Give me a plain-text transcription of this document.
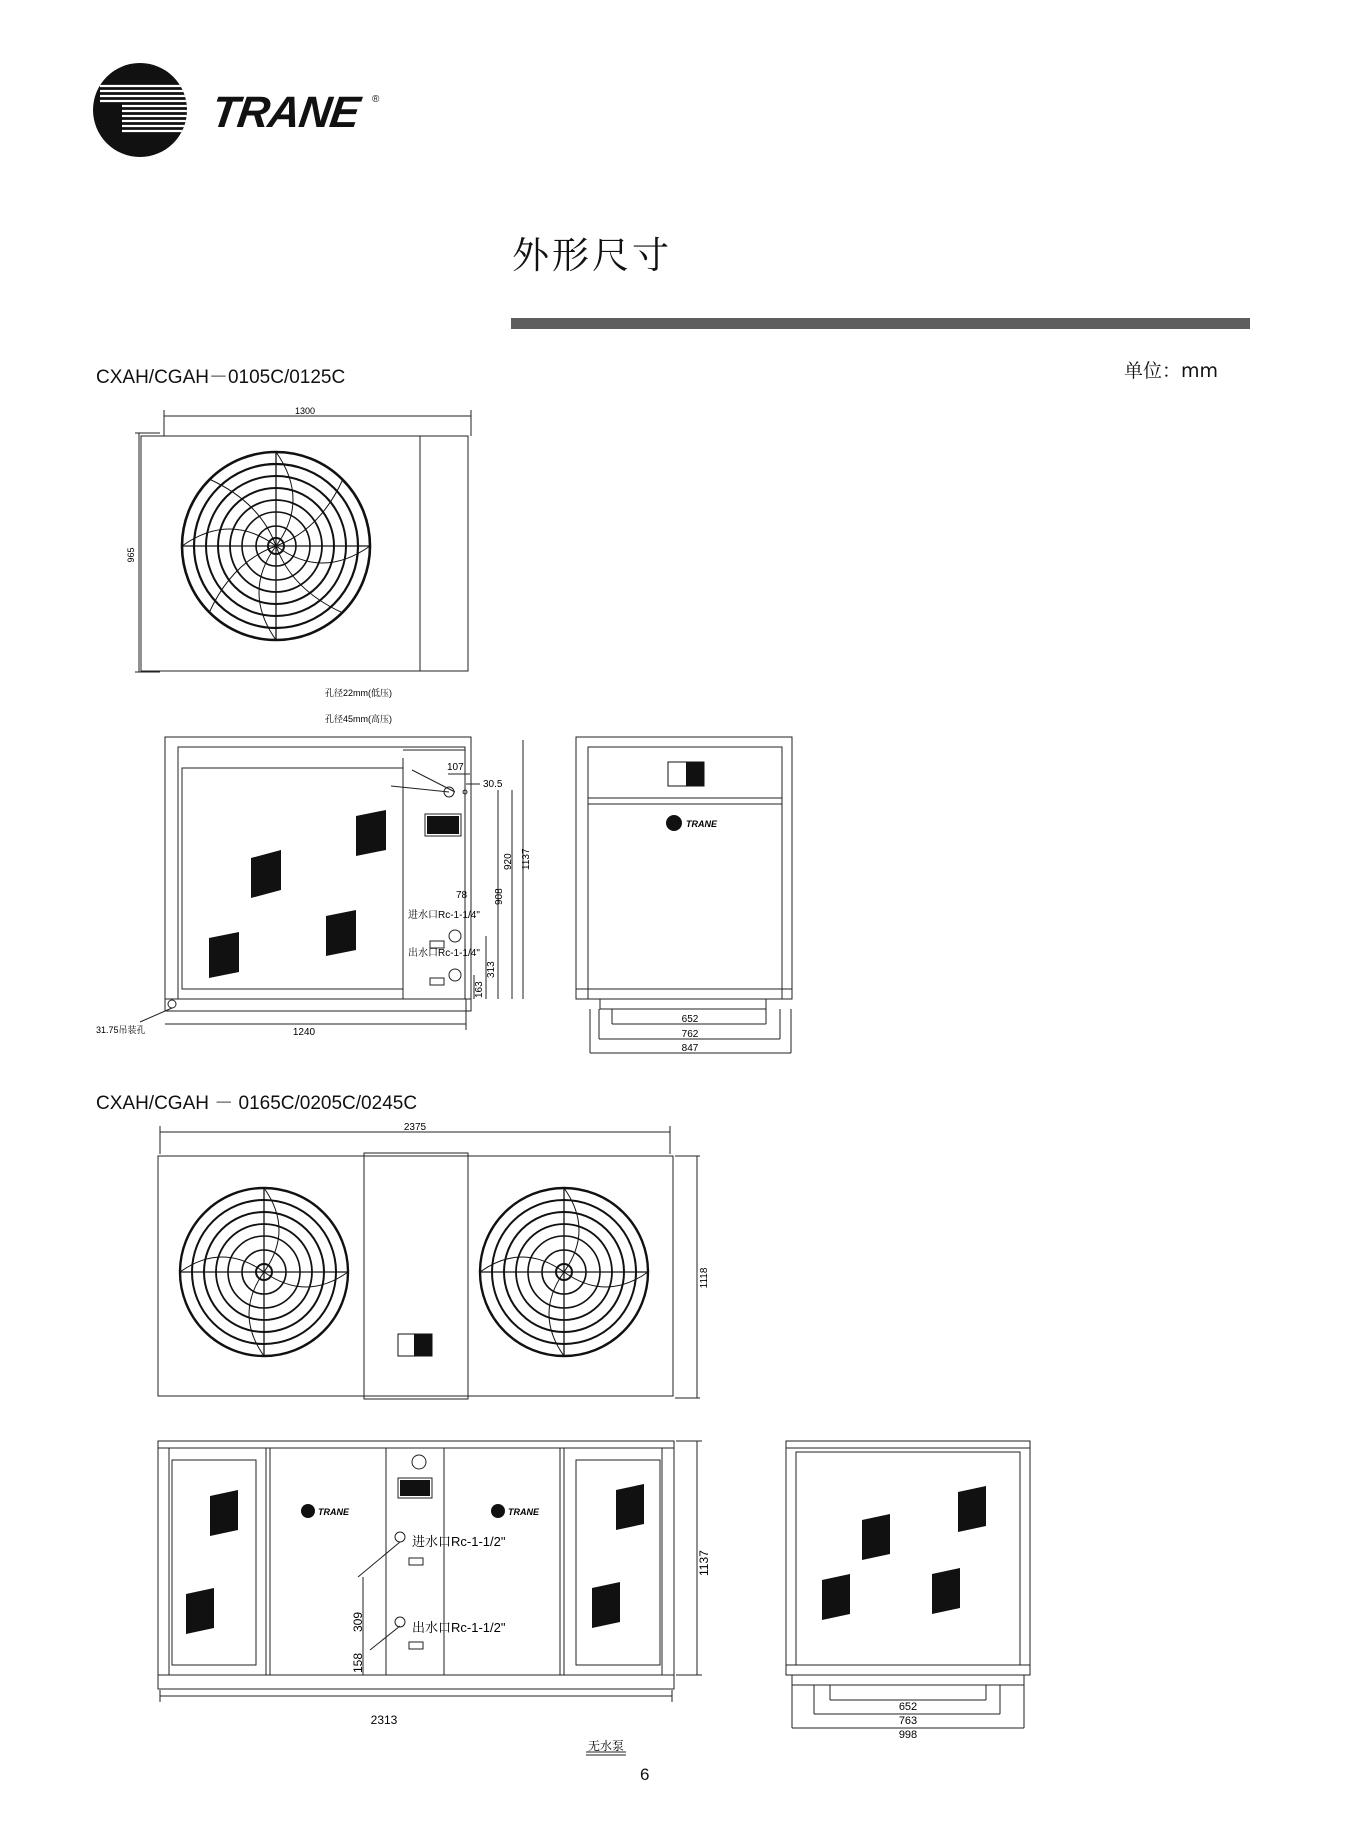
TRANE ®
外形尺寸
CXAH/CGAH－0105C/0125C	单位：mm
1300
965
孔径22mm(低压)
孔径45mm(高压)
107
30.5
920 1137
908
78
进水口Rc-1-1/4"
出水口Rc-1-1/4"
313
163
31.75吊装孔	1240
TRANE
652
762
847
CXAH/CGAH － 0165C/0205C/0245C
2375
1118
TRANE	TRANE
进水口Rc-1-1/2"
出水口Rc-1-1/2"
309
158
1137
2313
无水泵
652
763
998
6
